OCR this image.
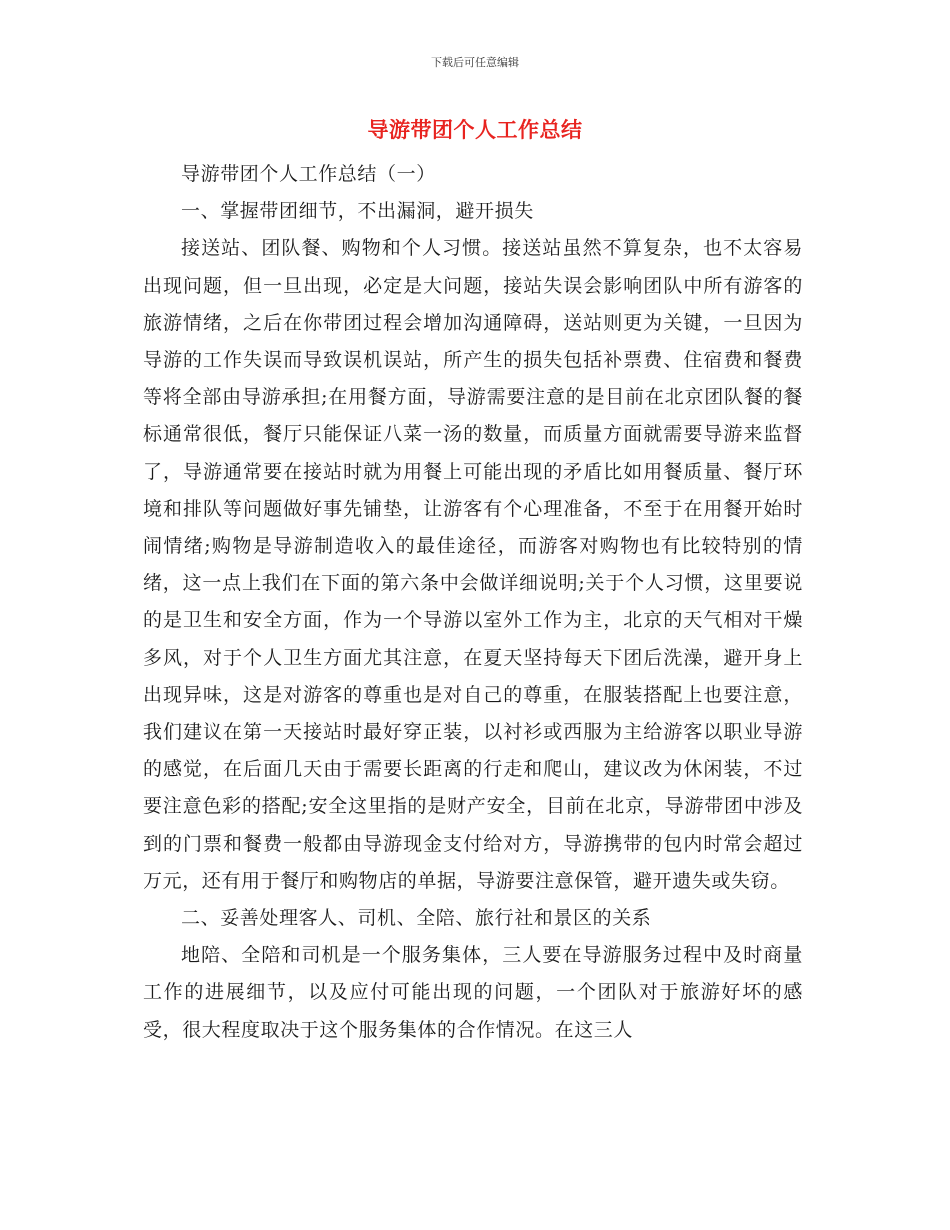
下载后可任意编辑
导游带团个人工作总结

导游带团个人工作总结（一）

一、掌握带团细节，不出漏洞，避开损失

接送站、团队餐、购物和个人习惯。接送站虽然不算复杂，也不太容易出现问题，但一旦出现，必定是大问题，接站失误会影响团队中所有游客的旅游情绪，之后在你带团过程会增加沟通障碍，送站则更为关键，一旦因为导游的工作失误而导致误机误站，所产生的损失包括补票费、住宿费和餐费等将全部由导游承担;在用餐方面，导游需要注意的是目前在北京团队餐的餐标通常很低，餐厅只能保证八菜一汤的数量，而质量方面就需要导游来监督了，导游通常要在接站时就为用餐上可能出现的矛盾比如用餐质量、餐厅环境和排队等问题做好事先铺垫，让游客有个心理准备，不至于在用餐开始时闹情绪;购物是导游制造收入的最佳途径，而游客对购物也有比较特别的情绪，这一点上我们在下面的第六条中会做详细说明;关于个人习惯，这里要说的是卫生和安全方面，作为一个导游以室外工作为主，北京的天气相对干燥多风，对于个人卫生方面尤其注意，在夏天坚持每天下团后洗澡，避开身上出现异味，这是对游客的尊重也是对自己的尊重，在服装搭配上也要注意，我们建议在第一天接站时最好穿正装，以衬衫或西服为主给游客以职业导游的感觉，在后面几天由于需要长距离的行走和爬山，建议改为休闲装，不过要注意色彩的搭配;安全这里指的是财产安全，目前在北京，导游带团中涉及到的门票和餐费一般都由导游现金支付给对方，导游携带的包内时常会超过万元，还有用于餐厅和购物店的单据，导游要注意保管，避开遗失或失窃。

二、妥善处理客人、司机、全陪、旅行社和景区的关系

地陪、全陪和司机是一个服务集体，三人要在导游服务过程中及时商量工作的进展细节，以及应付可能出现的问题，一个团队对于旅游好坏的感受，很大程度取决于这个服务集体的合作情况。在这三人
